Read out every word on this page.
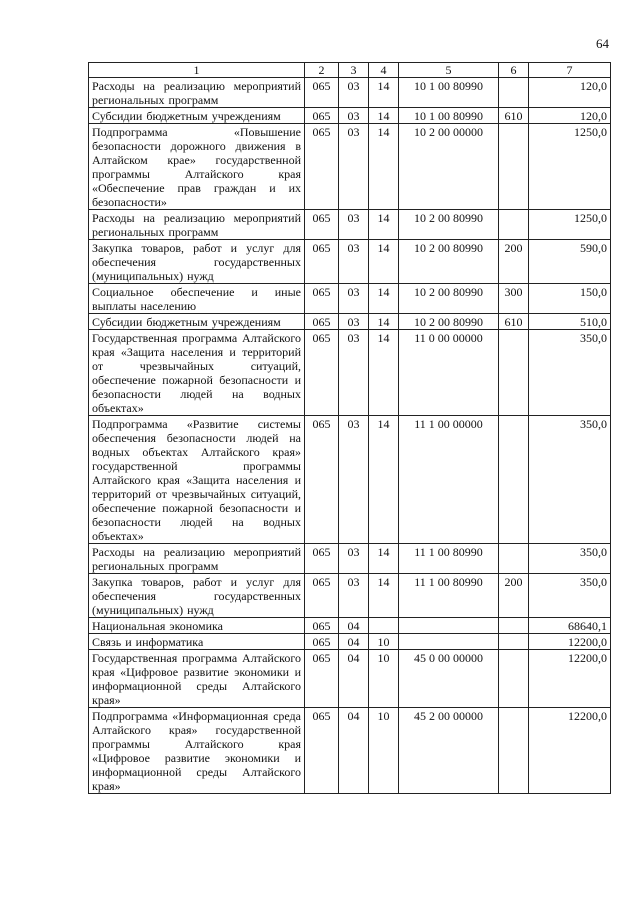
64
1	2	3	4	5	6	7
Расходы на реализацию мероприятий региональных программ	065	03	14	10 1 00 80990		120,0
Субсидии бюджетным учреждениям	065	03	14	10 1 00 80990	610	120,0
Подпрограмма «Повышение безопасности дорожного движения в Алтайском крае» государственной программы Алтайского края «Обеспечение прав граждан и их безопасности»	065	03	14	10 2 00 00000		1250,0
Расходы на реализацию мероприятий региональных программ	065	03	14	10 2 00 80990		1250,0
Закупка товаров, работ и услуг для обеспечения государственных (муниципальных) нужд	065	03	14	10 2 00 80990	200	590,0
Социальное обеспечение и иные выплаты населению	065	03	14	10 2 00 80990	300	150,0
Субсидии бюджетным учреждениям	065	03	14	10 2 00 80990	610	510,0
Государственная программа Алтайского края «Защита населения и территорий от чрезвычайных ситуаций, обеспечение пожарной безопасности и безопасности людей на водных объектах»	065	03	14	11 0 00 00000		350,0
Подпрограмма «Развитие системы обеспечения безопасности людей на водных объектах Алтайского края» государственной программы Алтайского края «Защита населения и территорий от чрезвычайных ситуаций, обеспечение пожарной безопасности и безопасности людей на водных объектах»	065	03	14	11 1 00 00000		350,0
Расходы на реализацию мероприятий региональных программ	065	03	14	11 1 00 80990		350,0
Закупка товаров, работ и услуг для обеспечения государственных (муниципальных) нужд	065	03	14	11 1 00 80990	200	350,0
Национальная экономика	065	04				68640,1
Связь и информатика	065	04	10			12200,0
Государственная программа Алтайского края «Цифровое развитие экономики и информационной среды Алтайского края»	065	04	10	45 0 00 00000		12200,0
Подпрограмма «Информационная среда Алтайского края» государственной программы Алтайского края «Цифровое развитие экономики и информационной среды Алтайского края»	065	04	10	45 2 00 00000		12200,0
